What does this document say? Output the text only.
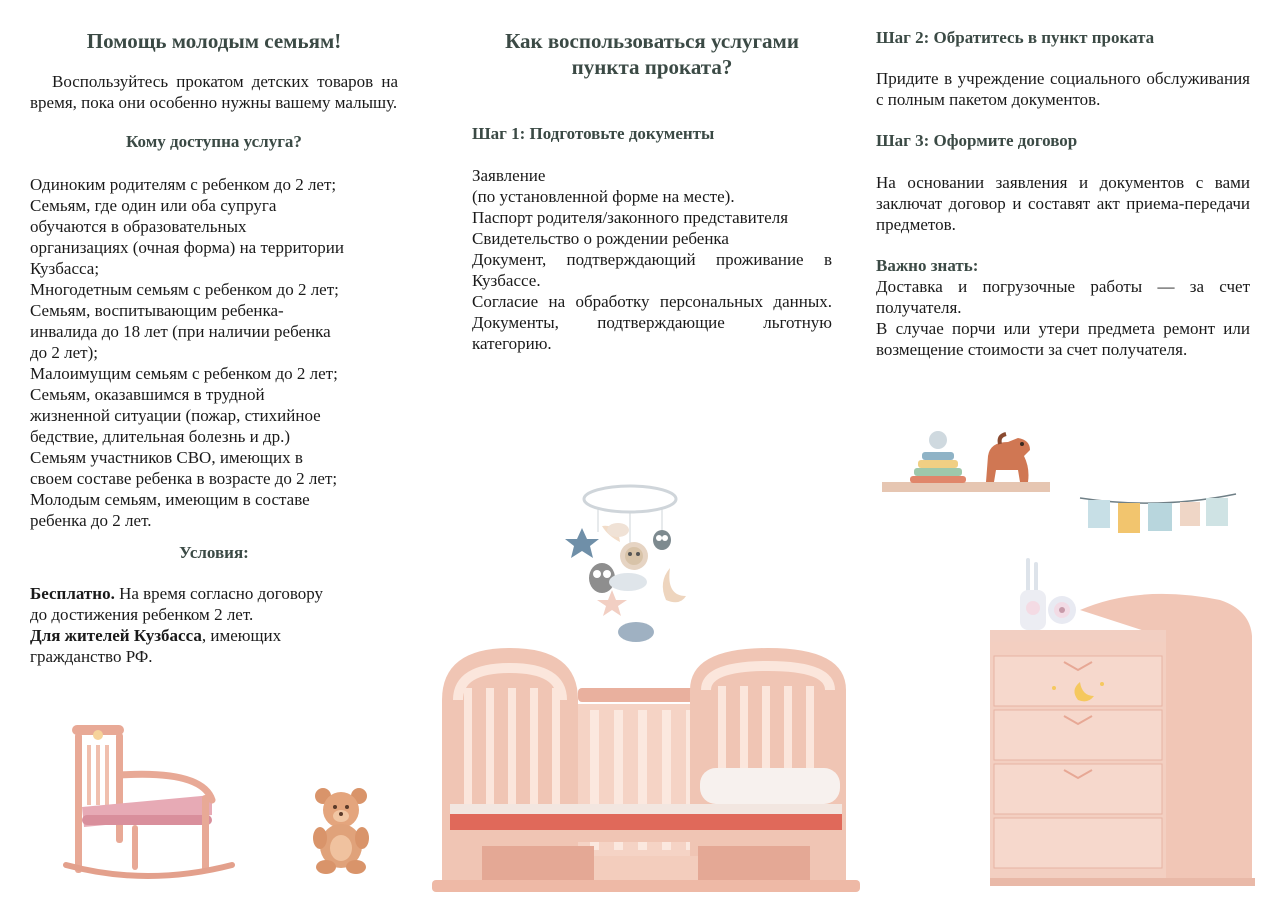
Помощь молодым семьям!

Воспользуйтесь прокатом детских товаров на время, пока они особенно нужны вашему малышу.

Кому доступна услуга?
Одиноким родителям с ребенком до 2 лет;
Семьям, где один или оба супруга
обучаются в образовательных
организациях (очная форма) на территории
Кузбасса;
Многодетным семьям с ребенком до 2 лет;
Семьям, воспитывающим ребенка-
инвалида до 18 лет (при наличии ребенка
до 2 лет);
Малоимущим семьям с ребенком до 2 лет;
Семьям, оказавшимся в трудной
жизненной ситуации (пожар, стихийное
бедствие, длительная болезнь и др.)
Семьям участников СВО, имеющих в
своем составе ребенка в возрасте до 2 лет;
Молодым семьям, имеющим в составе
ребенка до 2 лет.
Условия:
Бесплатно. На время согласно договору
до достижения ребенком 2 лет.
Для жителей Кузбасса, имеющих
гражданство РФ.
Как воспользоваться услугами пункта проката?
Шаг 1: Подготовьте документы

Заявление

(по установленной форме на месте).

Паспорт родителя/законного представителя

Свидетельство о рождении ребенка

Документ, подтверждающий проживание в Кузбассе.

Согласие на обработку персональных данных. Документы, подтверждающие льготную категорию.

Шаг 2: Обратитесь в пункт проката

Придите в учреждение социального обслуживания с полным пакетом документов.

Шаг 3: Оформите договор

На основании заявления и документов с вами заключат договор и составят акт приема-передачи предметов.

Важно знать:

Доставка и погрузочные работы — за счет получателя.

В случае порчи или утери предмета ремонт или возмещение стоимости за счет получателя.
